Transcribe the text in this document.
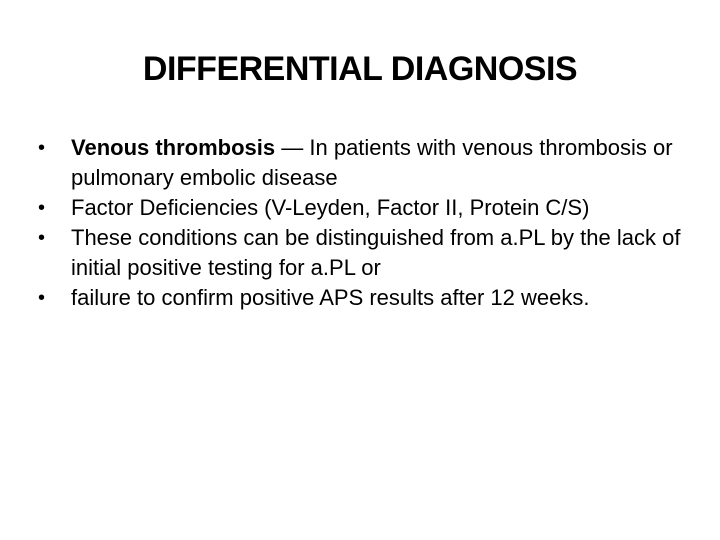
DIFFERENTIAL DIAGNOSIS
•	Venous thrombosis — In patients with venous thrombosis or pulmonary embolic disease
•	Factor Deficiencies (V-Leyden, Factor II, Protein C/S)
•	These conditions can be distinguished from a.PL by the lack of initial positive testing for a.PL or
•	failure to confirm positive APS results after 12 weeks.
